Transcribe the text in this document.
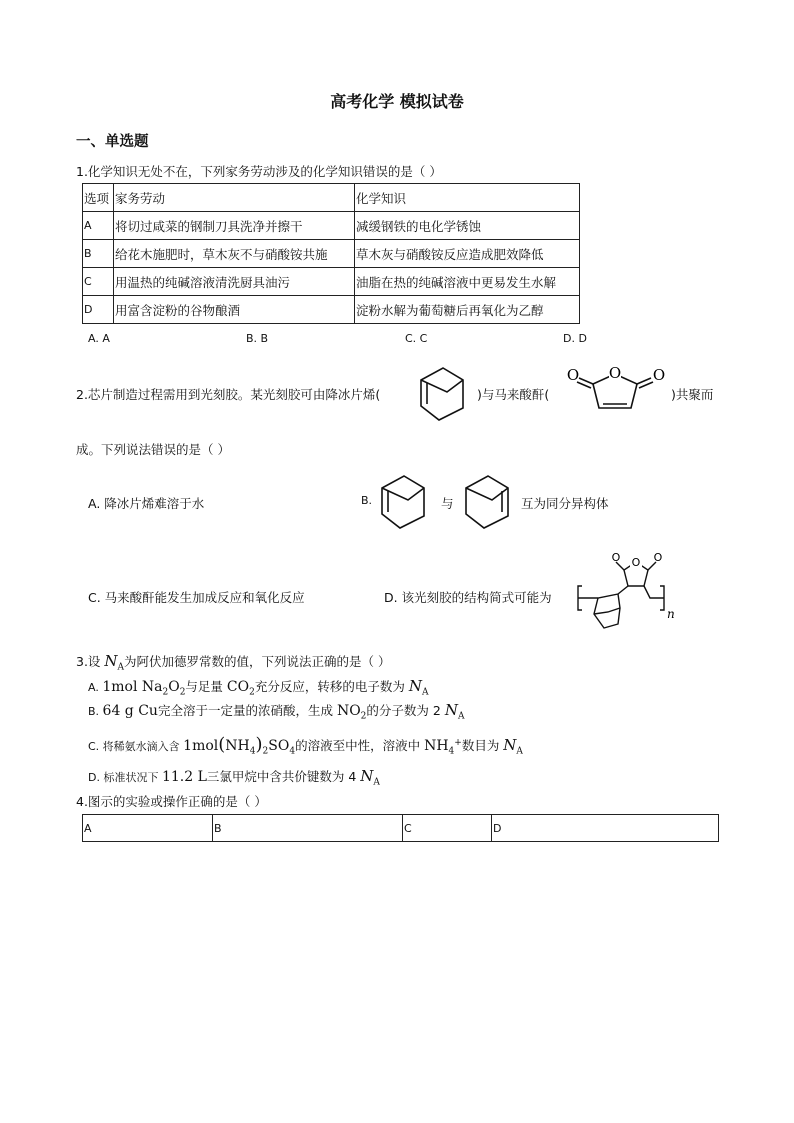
高考化学 模拟试卷
一、单选题
1.化学知识无处不在，下列家务劳动涉及的化学知识错误的是（ ）
选项	家务劳动	化学知识
A	将切过咸菜的钢制刀具洗净并擦干	减缓钢铁的电化学锈蚀
B	给花木施肥时，草木灰不与硝酸铵共施	草木灰与硝酸铵反应造成肥效降低
C	用温热的纯碱溶液清洗厨具油污	油脂在热的纯碱溶液中更易发生水解
D	用富含淀粉的谷物酿酒	淀粉水解为葡萄糖后再氧化为乙醇
A. A	B. B	C. C	D. D
2.芯片制造过程需用到光刻胶。某光刻胶可由降冰片烯(	)与马来酸酐(
O
O	O
)共聚而
成。下列说法错误的是（ ）
A. 降冰片烯难溶于水	B.	与	互为同分异构体
C. 马来酸酐能发生加成反应和氧化反应	D. 该光刻胶的结构简式可能为
O
O	O
n
3.设 $N_A$为阿伏加德罗常数的值，下列说法正确的是（ ）
A. 1mol $Na_2O_2$与足量 $CO_2$充分反应，转移的电子数为 $N_A$
B. 64 g Cu完全溶于一定量的浓硝酸，生成 $NO_2$的分子数为 2 $N_A$
C. 将稀氨水滴入含 $1mol(NH_4)_2SO_4$的溶液至中性，溶液中 $NH_4^+$数目为 $N_A$
D. 标准状况下 11.2 L三氯甲烷中含共价键数为 4 $N_A$
4.图示的实验或操作正确的是（ ）
A	B	C	D
